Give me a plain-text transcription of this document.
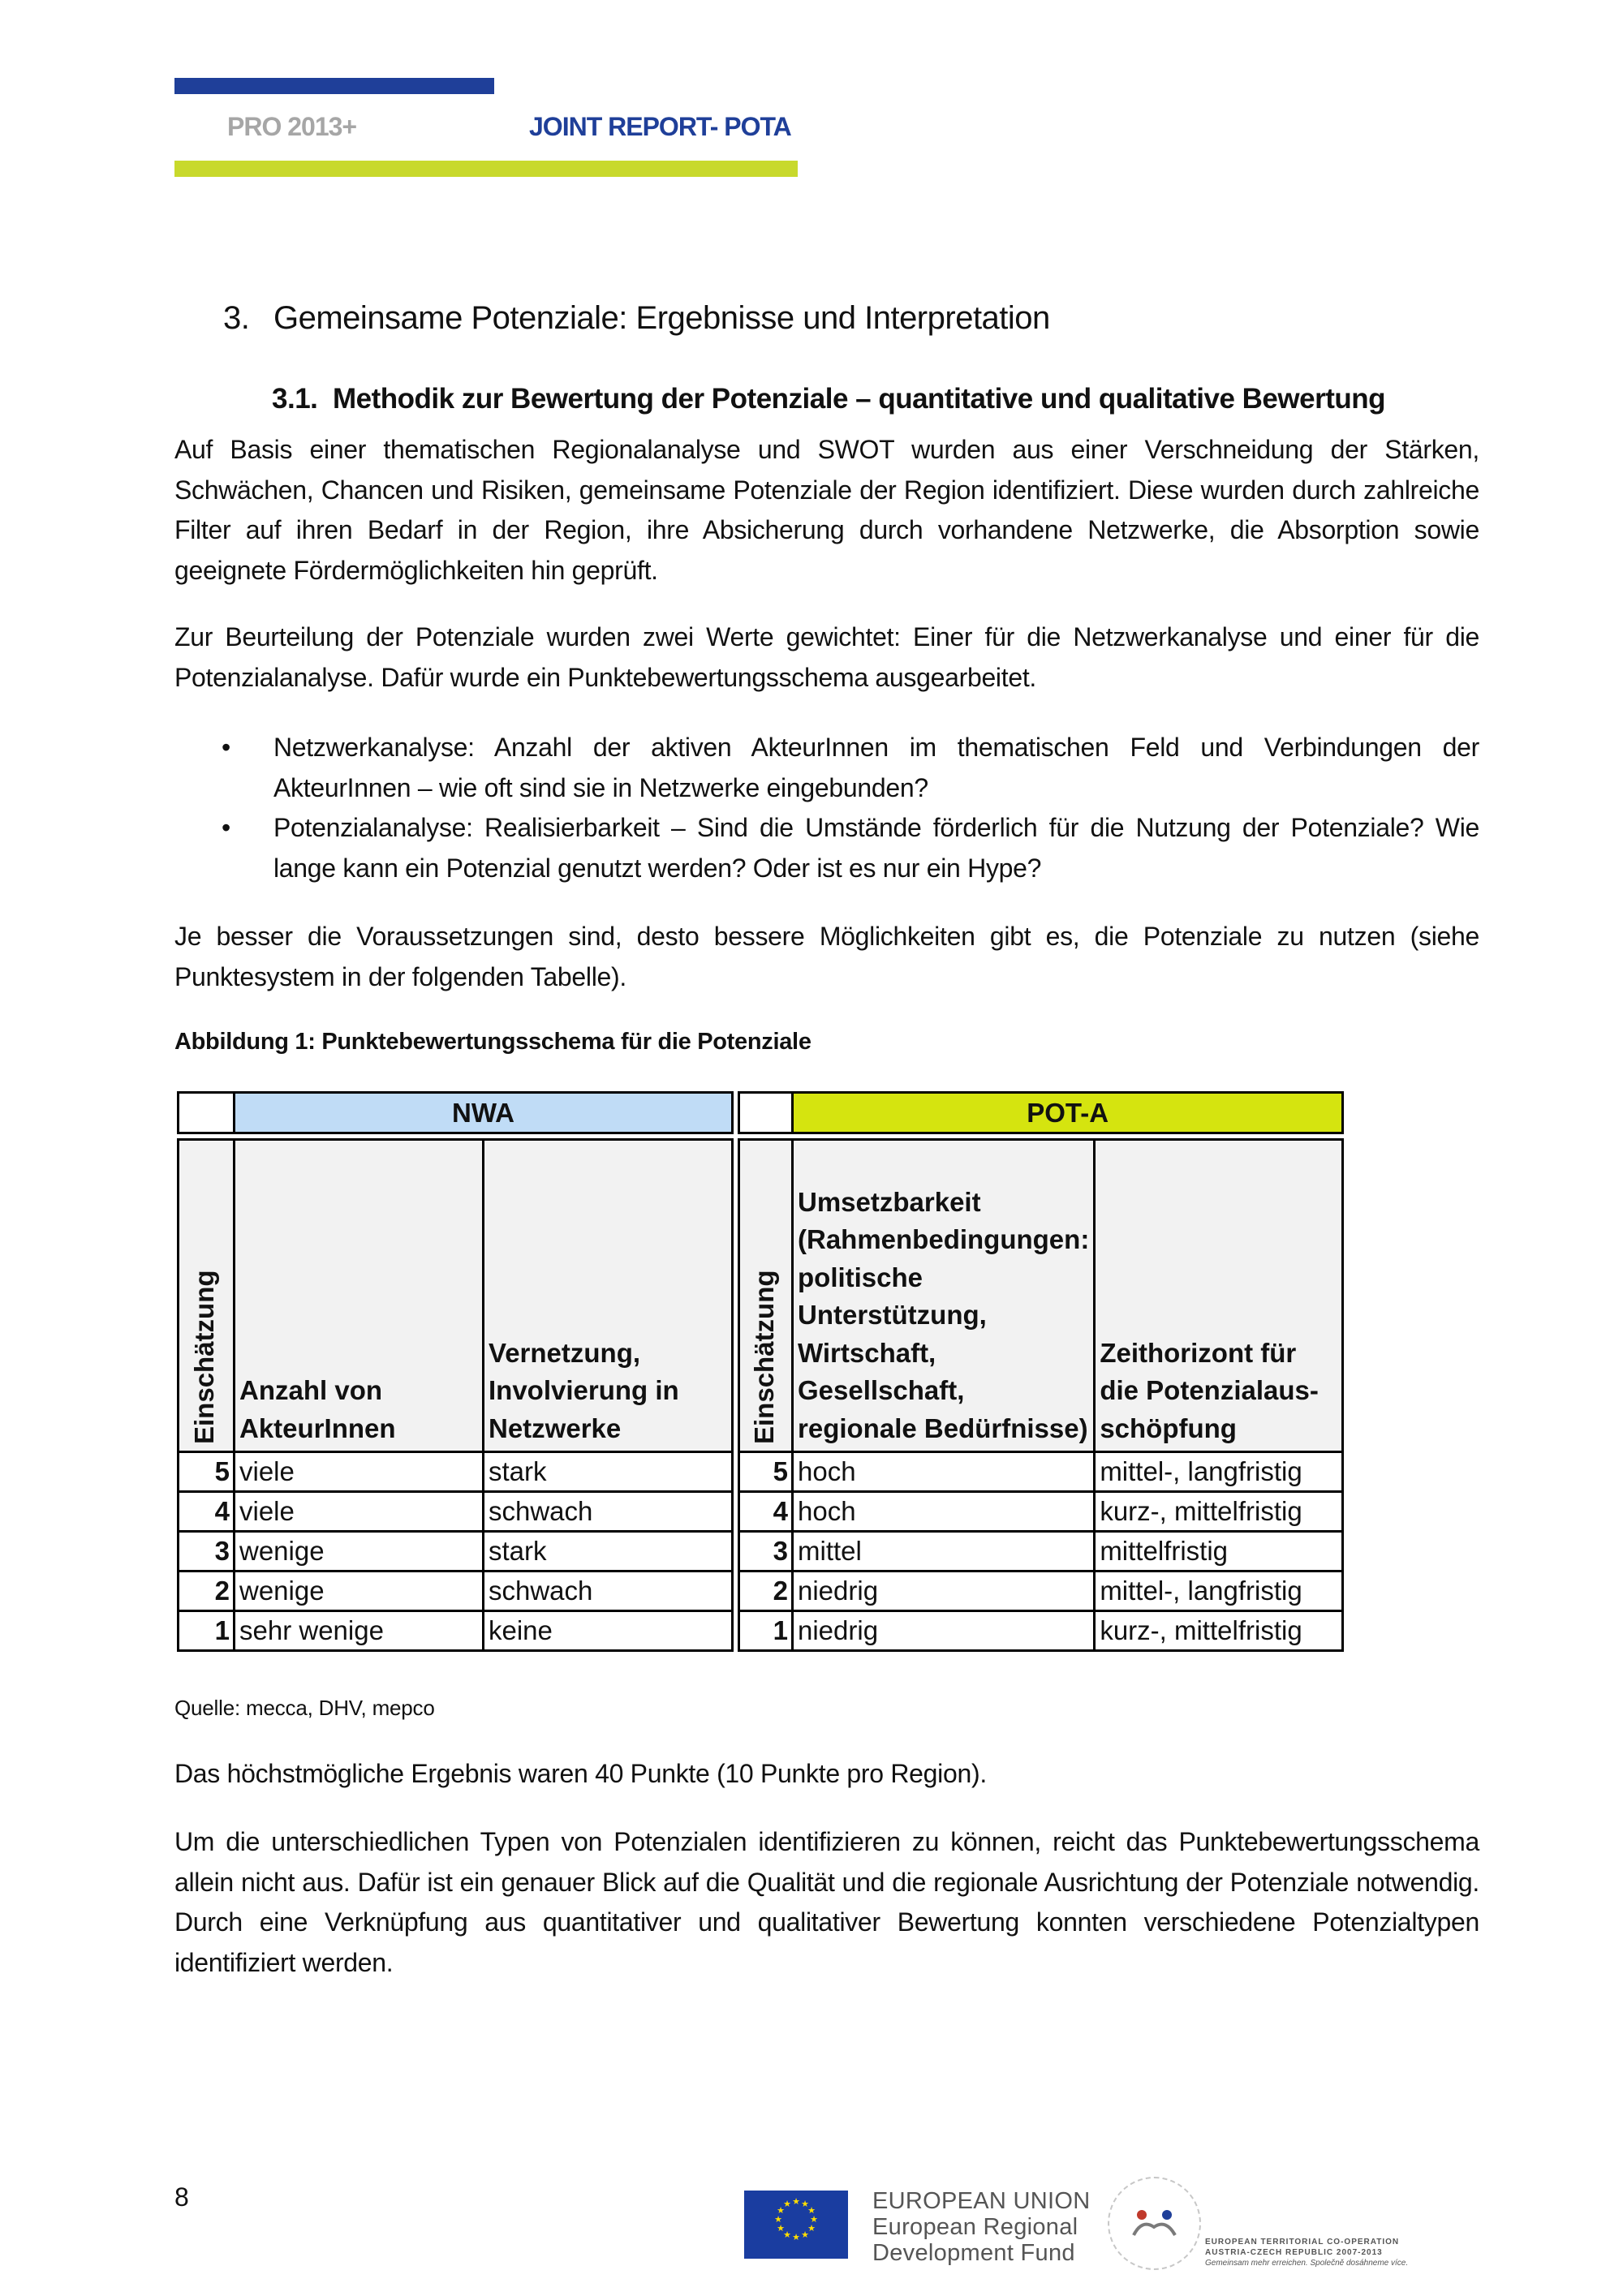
PRO 2013+	JOINT REPORT- POTA
3. Gemeinsame Potenziale: Ergebnisse und Interpretation
3.1. Methodik zur Bewertung der Potenziale – quantitative und qualitative Bewertung

Auf Basis einer thematischen Regionalanalyse und SWOT wurden aus einer Verschneidung der Stärken, Schwächen, Chancen und Risiken, gemeinsame Potenziale der Region identifiziert. Diese wurden durch zahlreiche Filter auf ihren Bedarf in der Region, ihre Absicherung durch vorhandene Netzwerke, die Absorption sowie geeignete Fördermöglichkeiten hin geprüft.

Zur Beurteilung der Potenziale wurden zwei Werte gewichtet: Einer für die Netzwerkanalyse und einer für die Potenzialanalyse. Dafür wurde ein Punktebewertungsschema ausgearbeitet.

• Netzwerkanalyse: Anzahl der aktiven AkteurInnen im thematischen Feld und Verbindungen der AkteurInnen – wie oft sind sie in Netzwerke eingebunden?
• Potenzialanalyse: Realisierbarkeit – Sind die Umstände förderlich für die Nutzung der Potenziale? Wie lange kann ein Potenzial genutzt werden? Oder ist es nur ein Hype?

Je besser die Voraussetzungen sind, desto bessere Möglichkeiten gibt es, die Potenziale zu nutzen (siehe Punktesystem in der folgenden Tabelle).

Abbildung 1: Punktebewertungsschema für die Potenziale
	NWA				POT-A	

Einschätzung	Anzahl von AkteurInnen	Vernetzung, Involvierung in Netzwerke		Einschätzung	Umsetzbarkeit (Rahmenbedingungen: politische Unterstützung, Wirtschaft, Gesellschaft, regionale Bedürfnisse)	Zeithorizont für die Potenzialaus-schöpfung
5	viele	stark		5	hoch	mittel-, langfristig
4	viele	schwach		4	hoch	kurz-, mittelfristig
3	wenige	stark		3	mittel	mittelfristig
2	wenige	schwach		2	niedrig	mittel-, langfristig
1	sehr wenige	keine		1	niedrig	kurz-, mittelfristig
Quelle: mecca, DHV, mepco

Das höchstmögliche Ergebnis waren 40 Punkte (10 Punkte pro Region).

Um die unterschiedlichen Typen von Potenzialen identifizieren zu können, reicht das Punktebewertungsschema allein nicht aus. Dafür ist ein genauer Blick auf die Qualität und die regionale Ausrichtung der Potenziale notwendig. Durch eine Verknüpfung aus quantitativer und qualitativer Bewertung konnten verschiedene Potenzialtypen identifiziert werden.

8	★ ★
★
★
★
★
★
★
★
★
★
★	EUROPEAN UNION
European Regional
Development Fund	EUROPEAN TERRITORIAL CO-OPERATION
AUSTRIA-CZECH REPUBLIC 2007-2013
Gemeinsam mehr erreichen. Společně dosáhneme více.
